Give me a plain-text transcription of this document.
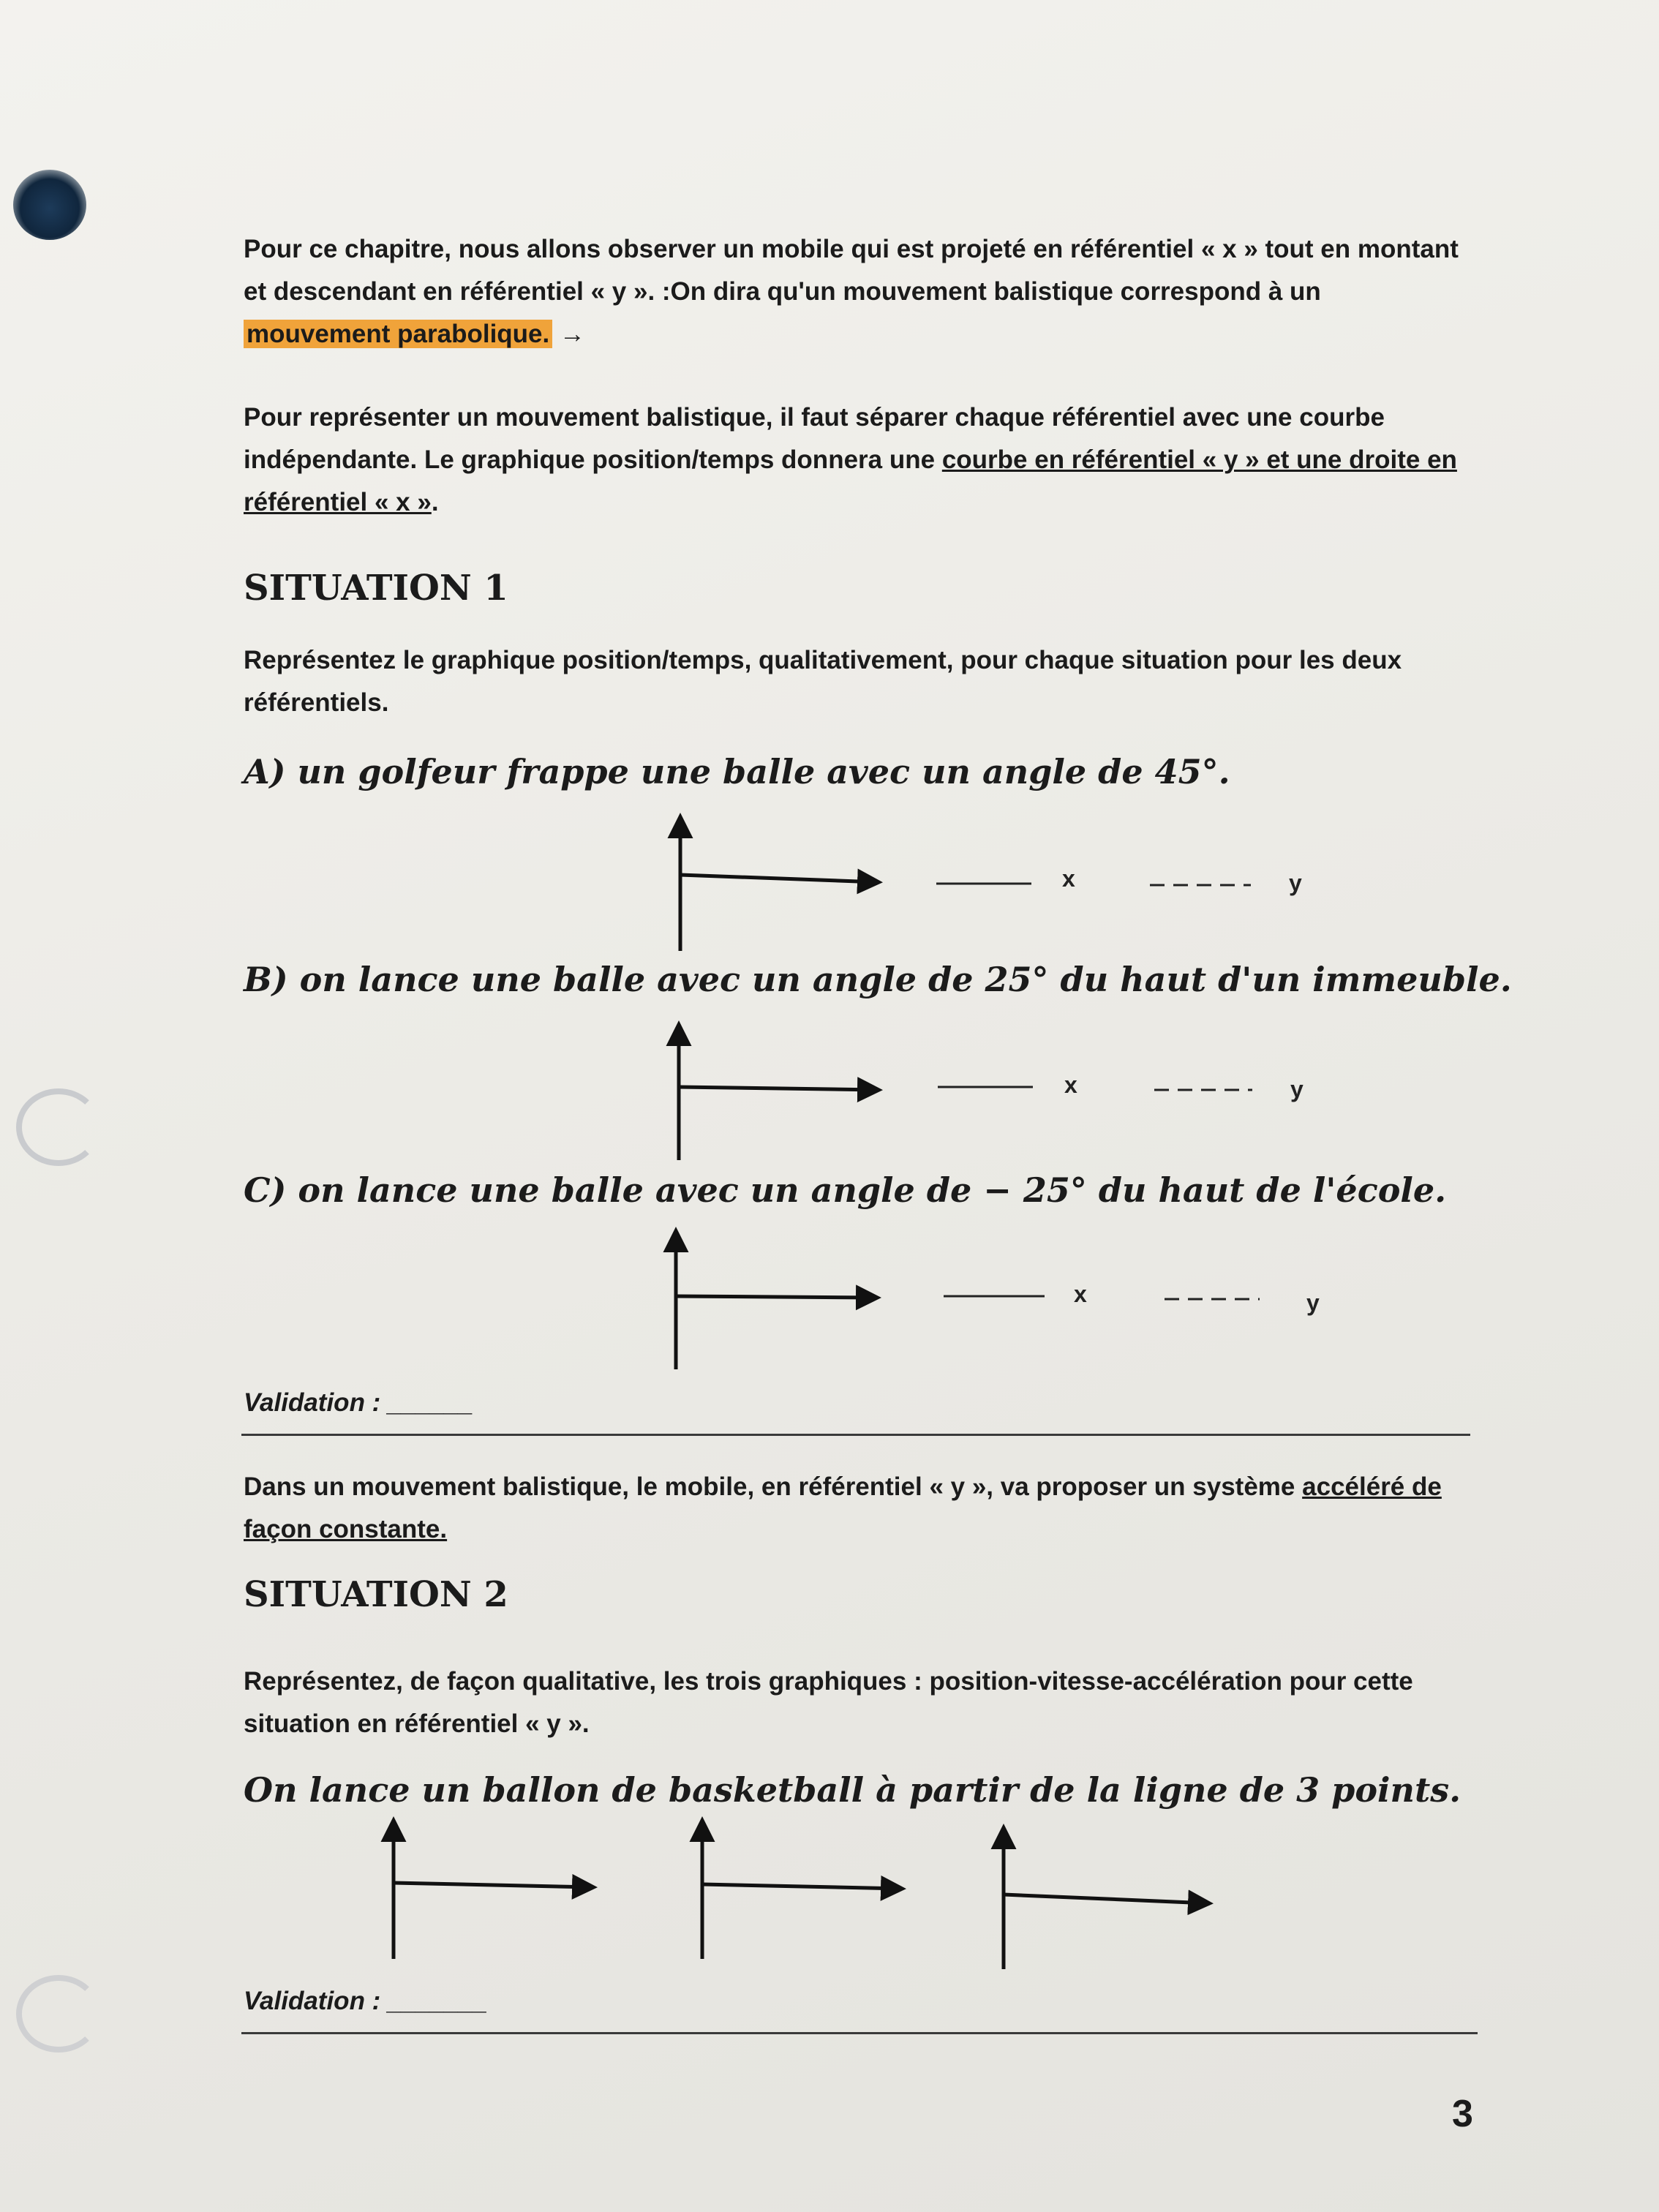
Pour ce chapitre, nous allons observer un mobile qui est projeté en référentiel « x » tout en montant et descendant en référentiel « y ». :On dira qu'un mouvement balistique correspond à un mouvement parabolique. →
Pour représenter un mouvement balistique, il faut séparer chaque référentiel avec une courbe indépendante. Le graphique position/temps donnera une courbe en référentiel « y » et une droite en référentiel « x ».
SITUATION 1
Représentez le graphique position/temps, qualitativement, pour chaque situation pour les deux référentiels.
A) un golfeur frappe une balle avec un angle de 45°.
B) on lance une balle avec un angle de 25° du haut d'un immeuble.
C) on lance une balle avec un angle de − 25° du haut de l'école.
x	y
x	y
x	y
Validation : ______
Dans un mouvement balistique, le mobile, en référentiel « y », va proposer un système accéléré de façon constante.
SITUATION 2
Représentez, de façon qualitative, les trois graphiques : position-vitesse-accélération pour cette situation en référentiel « y ».
On lance un ballon de basketball à partir de la ligne de 3 points.
Validation : _______
3
